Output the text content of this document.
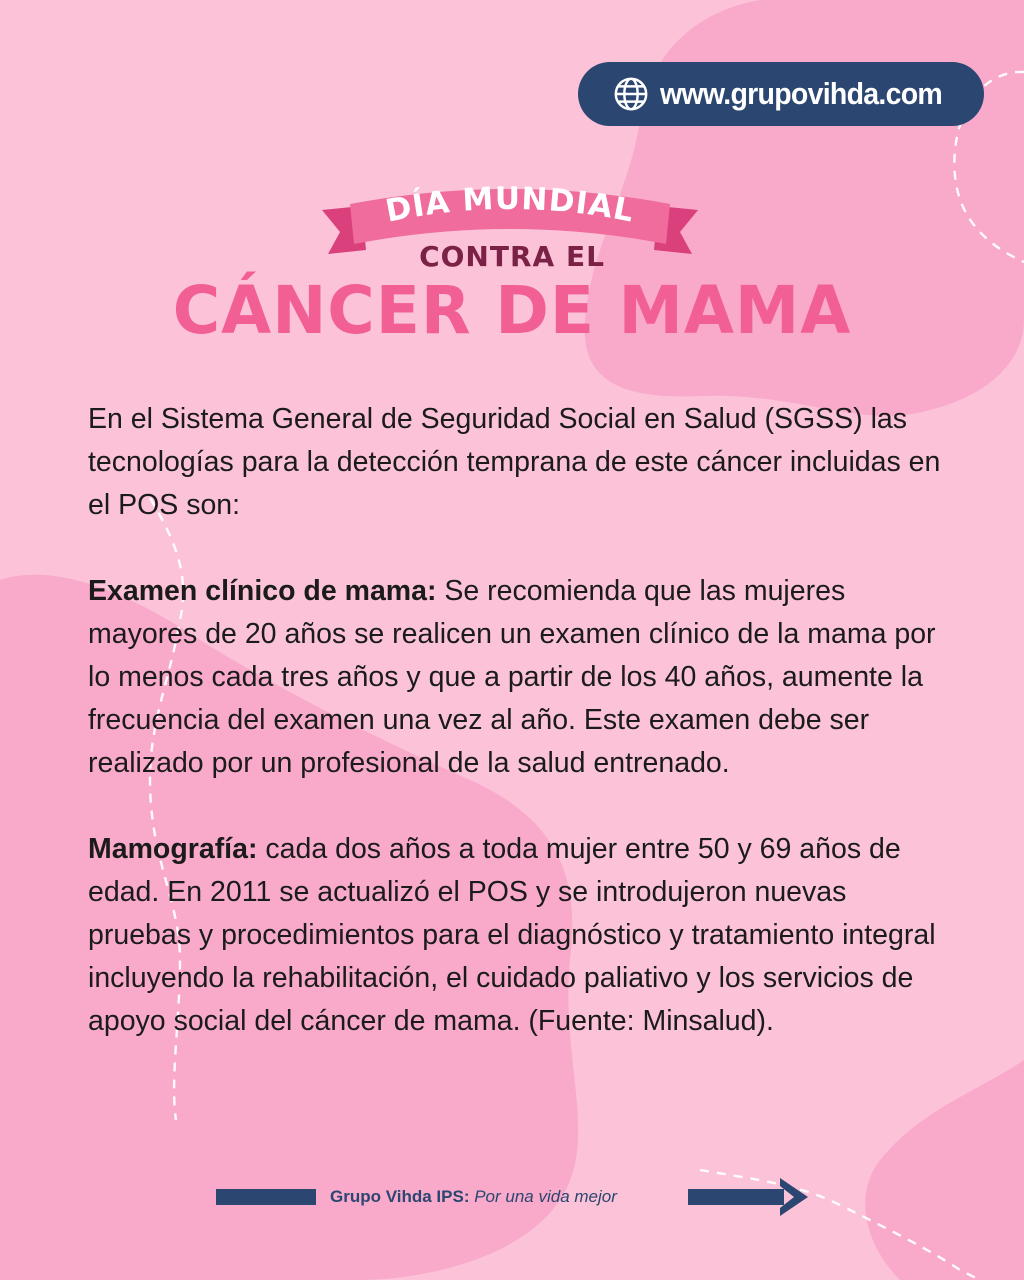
www.grupovihda.com
DÍA MUNDIAL
CONTRA EL
CÁNCER DE MAMA

En el Sistema General de Seguridad Social en Salud (SGSS) las tecnologías para la detección temprana de este cáncer incluidas en el POS son:

Examen clínico de mama: Se recomienda que las mujeres mayores de 20 años se realicen un examen clínico de la mama por lo menos cada tres años y que a partir de los 40 años, aumente la frecuencia del examen una vez al año. Este examen debe ser realizado por un profesional de la salud entrenado.

Mamografía: cada dos años a toda mujer entre 50 y 69 años de edad. En 2011 se actualizó el POS y se introdujeron nuevas pruebas y procedimientos para el diagnóstico y tratamiento integral incluyendo la rehabilitación, el cuidado paliativo y los servicios de apoyo social del cáncer de mama. (Fuente: Minsalud).

Grupo Vihda IPS: Por una vida mejor
